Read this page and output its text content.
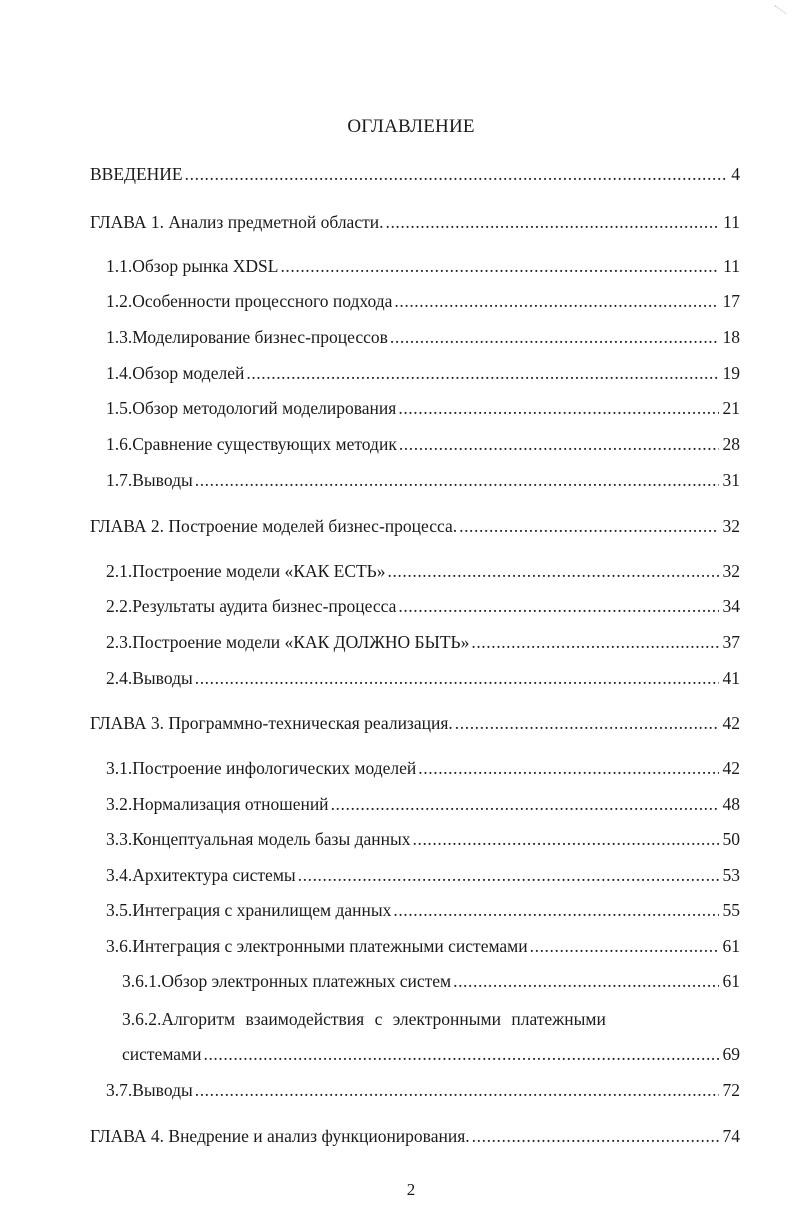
ОГЛАВЛЕНИЕ
ВВЕДЕНИЕ .....	4
ГЛАВА 1. Анализ предметной области. .....	11
1.1.Обзор рынка XDSL .....	11
1.2.Особенности процессного подхода .....	17
1.3.Моделирование бизнес-процессов .....	18
1.4.Обзор моделей .....	19
1.5.Обзор методологий моделирования .....	21
1.6.Сравнение существующих методик .....	28
1.7.Выводы .....	31
ГЛАВА 2. Построение моделей бизнес-процесса. .....	32
2.1.Построение модели «КАК ЕСТЬ» .....	32
2.2.Результаты аудита бизнес-процесса .....	34
2.3.Построение модели «КАК ДОЛЖНО БЫТЬ» .....	37
2.4.Выводы .....	41
ГЛАВА 3. Программно-техническая реализация. .....	42
3.1.Построение инфологических моделей .....	42
3.2.Нормализация отношений .....	48
3.3.Концептуальная модель базы данных .....	50
3.4.Архитектура системы .....	53
3.5.Интеграция с хранилищем данных .....	55
3.6.Интеграция с электронными платежными системами .....	61
3.6.1.Обзор электронных платежных систем .....	61
3.6.2.Алгоритм взаимодействия с электронными платежными
системами .....	69
3.7.Выводы .....	72
ГЛАВА 4. Внедрение и анализ функционирования. .....	74
2
